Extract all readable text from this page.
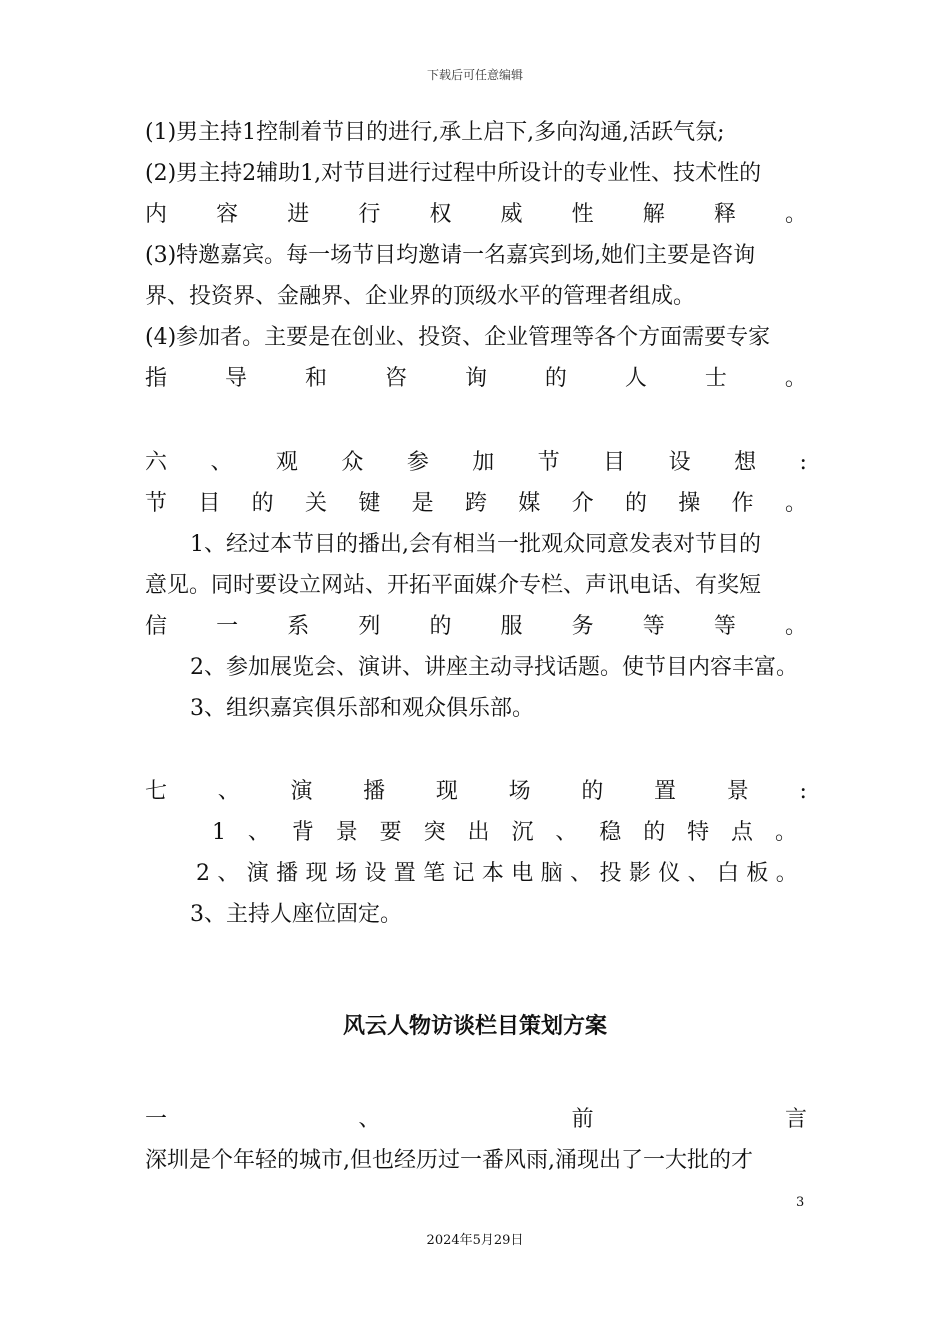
下载后可任意编辑
(1)男主持1控制着节目的进行,承上启下,多向沟通,活跃气氛;
(2)男主持2辅助1,对节目进行过程中所设计的专业性、技术性的
内 容 进 行 权 威 性 解 释 。
(3)特邀嘉宾。每一场节目均邀请一名嘉宾到场,她们主要是咨询
界、投资界、金融界、企业界的顶级水平的管理者组成。
(4)参加者。主要是在创业、投资、企业管理等各个方面需要专家
指	导	和	咨	询	的	人	士	。
六 、 观 众 参 加 节 目 设 想 :
节 目 的 关 键 是 跨 媒 介 的 操 作 。
1、经过本节目的播出,会有相当一批观众同意发表对节目的
意见。同时要设立网站、开拓平面媒介专栏、声讯电话、有奖短
信 一 系 列 的 服 务 等 等 。
2、参加展览会、演讲、讲座主动寻找话题。使节目内容丰富。
3、组织嘉宾俱乐部和观众俱乐部。
七 、 演 播 现 场 的 置 景 :
1 、 背 景 要 突 出 沉 、 稳 的 特 点 。
2 、 演 播 现 场 设 置 笔 记 本 电 脑 、 投 影 仪 、 白 板 。
3、主持人座位固定。
风云人物访谈栏目策划方案
一	、	前	言
深圳是个年轻的城市,但也经历过一番风雨,涌现出了一大批的才
3
2024年5月29日
